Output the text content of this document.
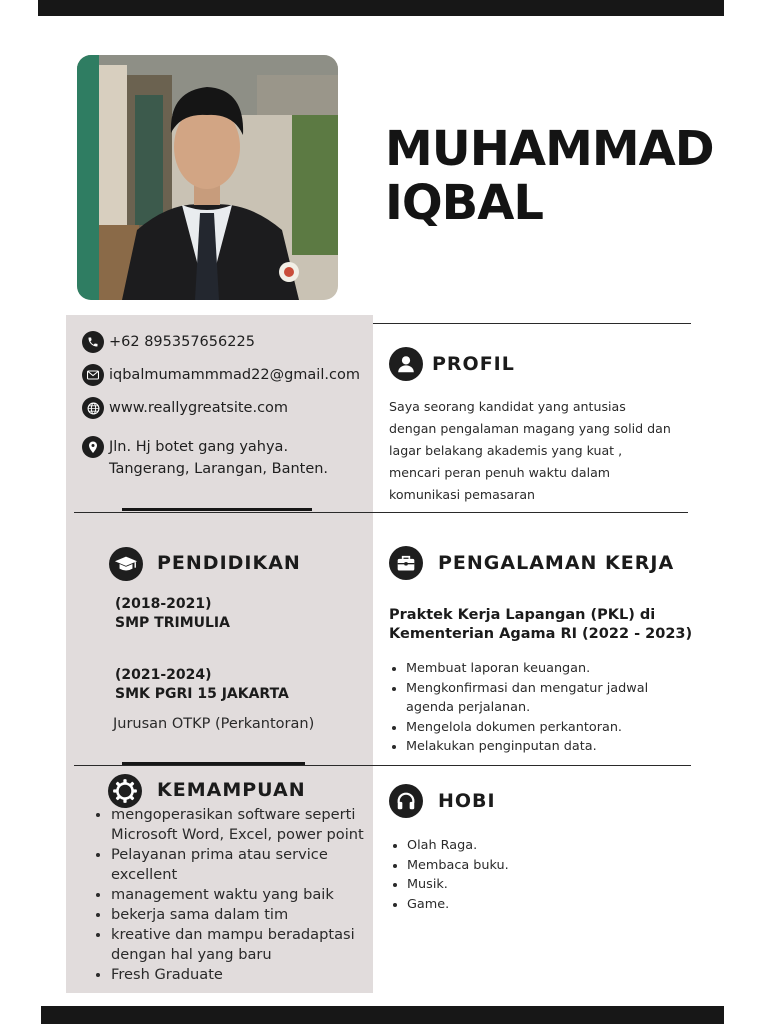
MUHAMMAD
IQBAL
+62 895357656225
iqbalmumammmad22@gmail.com
www.reallygreatsite.com
Jln. Hj botet gang yahya.
Tangerang, Larangan, Banten.
PROFIL
Saya seorang kandidat yang antusias
dengan pengalaman magang yang solid dan
lagar belakang akademis yang kuat ,
mencari peran penuh waktu dalam
komunikasi pemasaran
PENDIDIKAN
(2018-2021)
SMP TRIMULIA
(2021-2024)
SMK PGRI 15 JAKARTA
Jurusan OTKP (Perkantoran)
PENGALAMAN KERJA
Praktek Kerja Lapangan (PKL) di
Kementerian Agama RI (2022 - 2023)
• Membuat laporan keuangan.
• Mengkonfirmasi dan mengatur jadwal agenda perjalanan.
• Mengelola dokumen perkantoran.
• Melakukan penginputan data.
KEMAMPUAN
• mengoperasikan software seperti Microsoft Word, Excel, power point
• Pelayanan prima atau service excellent
• management waktu yang baik
• bekerja sama dalam tim
• kreative dan mampu beradaptasi dengan hal yang baru
• Fresh Graduate
HOBI
• Olah Raga.
• Membaca buku.
• Musik.
• Game.
